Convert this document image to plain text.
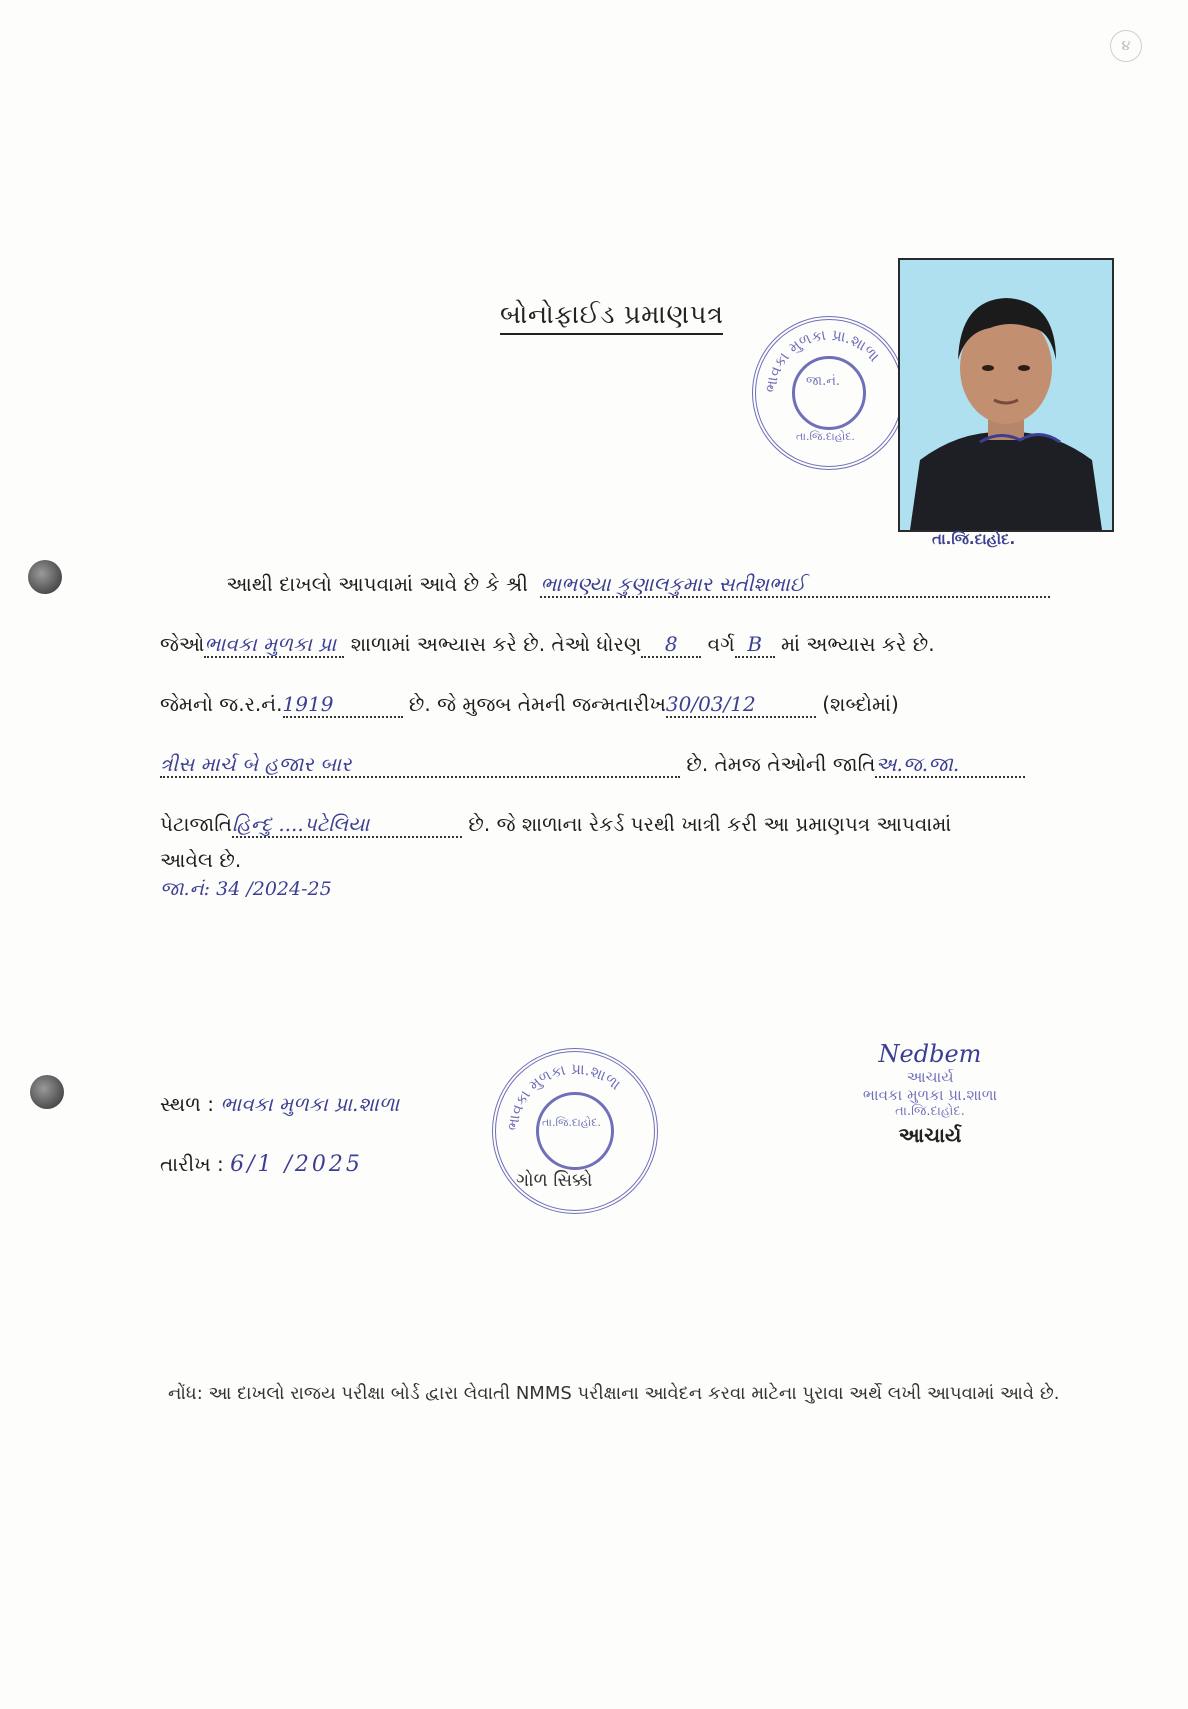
૪
બોનોફાઈડ પ્રમાણપત્ર
ભાવકા મુળકા પ્રા.શાળા
જા.નં.
તા.જિ.દાહોદ.
તા.જિ.દાહોદ.
આથી દાખલો આપવામાં આવે છે કે શ્રી ભાભણ્યા કુણાલકુમાર સતીશભાઈ
જેઓભાવકા મુળકા પ્રા શાળામાં અભ્યાસ કરે છે. તેઓ ધોરણ 8 વર્ગ B માં અભ્યાસ કરે છે.
જેમનો જ.ર.નં.1919	છે. જે મુજબ તેમની જન્મતારીખ30/03/12	(શબ્દોમાં)
ત્રીસ માર્ચ બે હજાર બાર	છે. તેમજ તેઓની જાતિઅ.જ.જા.
પેટાજાતિહિન્દુ ....પટેલિયા	છે. જે શાળાના રેકર્ડ પરથી ખાત્રી કરી આ પ્રમાણપત્ર આપવામાં
આવેલ છે.
જા.નં: 34 /2024-25
સ્થળ : ભાવકા મુળકા પ્રા.શાળા
તારીખ : 6/1 /2025
ભાવકા મુળકા પ્રા.શાળા
ગોળ સિક્કો
તા.જિ.દાહોદ.
Nedbem
આચાર્ય
ભાવકા મુળકા પ્રા.શાળા
તા.જિ.દાહોદ.
આચાર્ય
નોંધ: આ દાખલો રાજય પરીક્ષા બોર્ડ દ્વારા લેવાતી NMMS પરીક્ષાના આવેદન કરવા માટેના પુરાવા અર્થે લખી આપવામાં આવે છે.
